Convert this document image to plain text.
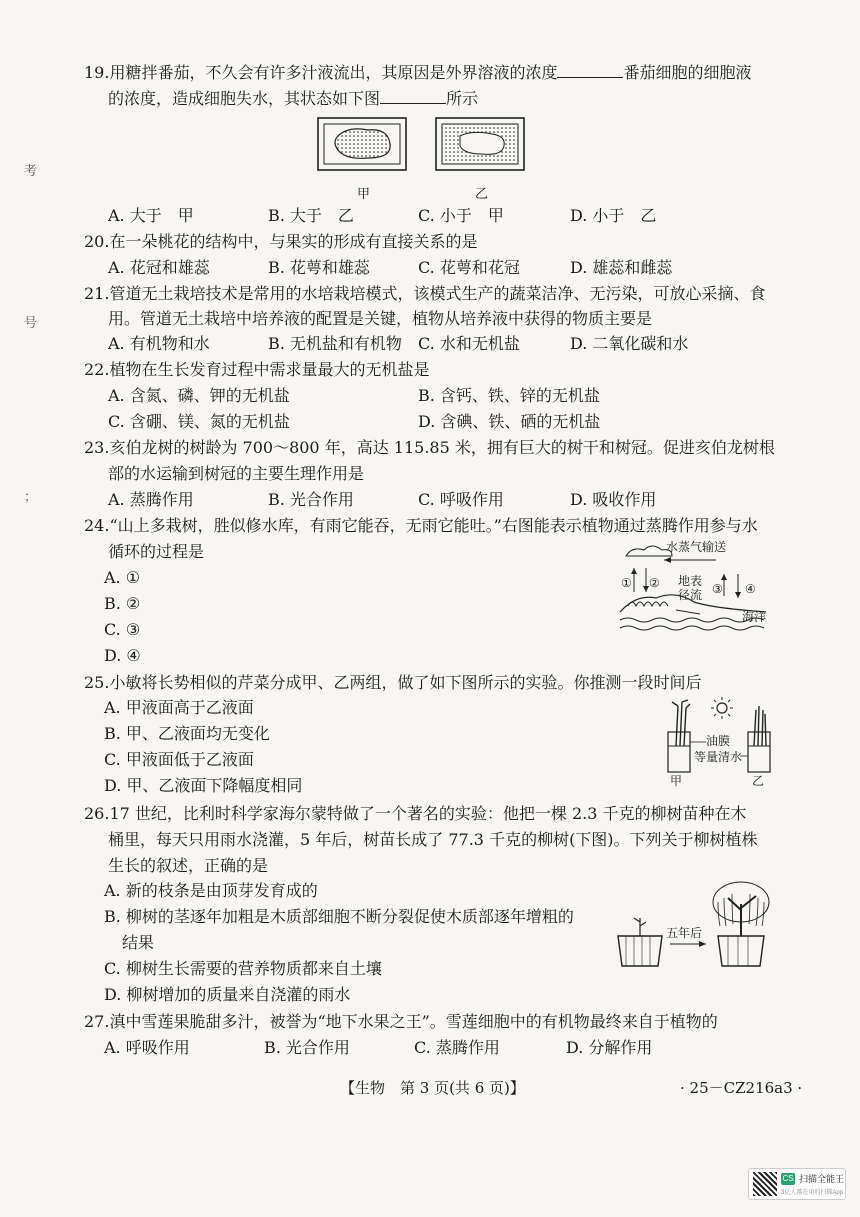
考
号
；
19.用糖拌番茄，不久会有许多汁液流出，其原因是外界溶液的浓度	番茄细胞的细胞液
的浓度，造成细胞失水，其状态如下图	所示
甲	乙
A. 大于　甲	B. 大于　乙	C. 小于　甲	D. 小于　乙
20.在一朵桃花的结构中，与果实的形成有直接关系的是
A. 花冠和雄蕊	B. 花萼和雄蕊	C. 花萼和花冠	D. 雄蕊和雌蕊
21.管道无土栽培技术是常用的水培栽培模式，该模式生产的蔬菜洁净、无污染，可放心采摘、食
用。管道无土栽培中培养液的配置是关键，植物从培养液中获得的物质主要是
A. 有机物和水	B. 无机盐和有机物 C. 水和无机盐	D. 二氧化碳和水
22.植物在生长发育过程中需求量最大的无机盐是
A. 含氮、磷、钾的无机盐	B. 含钙、铁、锌的无机盐
C. 含硼、镁、氮的无机盐	D. 含碘、铁、硒的无机盐
23.亥伯龙树的树龄为 700～800 年，高达 115.85 米，拥有巨大的树干和树冠。促进亥伯龙树根
部的水运输到树冠的主要生理作用是
A. 蒸腾作用	B. 光合作用	C. 呼吸作用	D. 吸收作用
24.“山上多栽树，胜似修水库，有雨它能吞，无雨它能吐。”右图能表示植物通过蒸腾作用参与水
循环的过程是
A. ①
B. ②
C. ③
D. ④
水蒸气输送
地表
径流
海洋
① ②	③ ④
25.小敏将长势相似的芹菜分成甲、乙两组，做了如下图所示的实验。你推测一段时间后
A. 甲液面高于乙液面
B. 甲、乙液面均无变化
C. 甲液面低于乙液面
D. 甲、乙液面下降幅度相同
油膜
等量清水
甲	乙
26.17 世纪，比利时科学家海尔蒙特做了一个著名的实验：他把一棵 2.3 千克的柳树苗种在木
桶里，每天只用雨水浇灌，5 年后，树苗长成了 77.3 千克的柳树(下图)。下列关于柳树植株
生长的叙述，正确的是
A. 新的枝条是由顶芽发育成的
B. 柳树的茎逐年加粗是木质部细胞不断分裂促使木质部逐年增粗的
结果
C. 柳树生长需要的营养物质都来自土壤
D. 柳树增加的质量来自浇灌的雨水
五年后
27.滇中雪莲果脆甜多汁，被誉为“地下水果之王”。雪莲细胞中的有机物最终来自于植物的
A. 呼吸作用	B. 光合作用	C. 蒸腾作用	D. 分解作用
【生物　第 3 页(共 6 页)】	· 25－CZ216a3 ·
CS 扫描全能王
3亿人都在用的扫描App
